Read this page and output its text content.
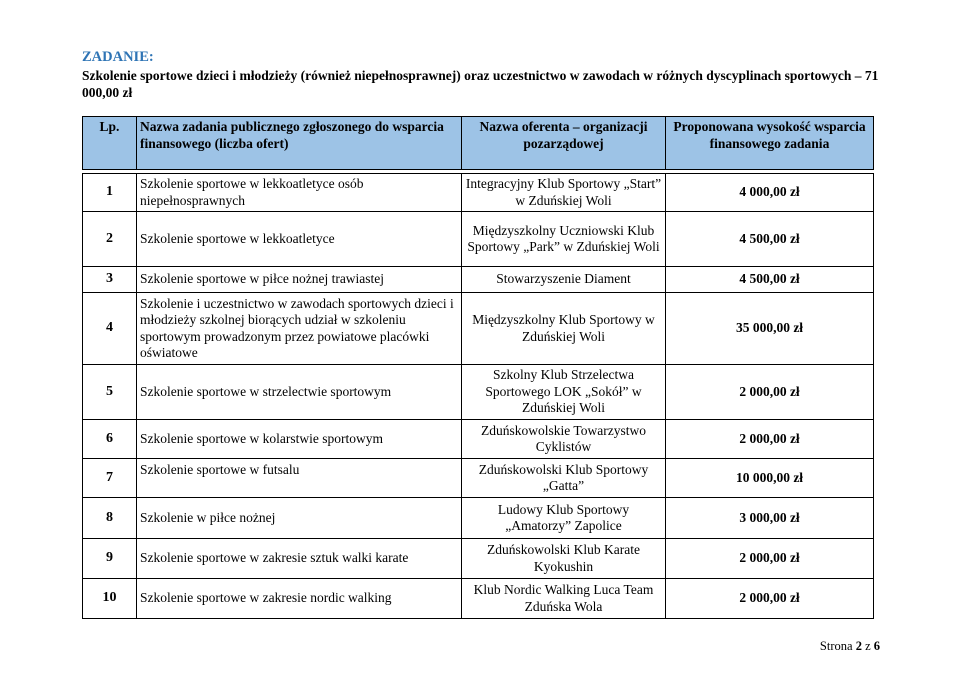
ZADANIE:
Szkolenie sportowe dzieci i młodzieży (również niepełnosprawnej) oraz uczestnictwo w zawodach w różnych dyscyplinach sportowych – 71 000,00 zł
Lp.	Nazwa zadania publicznego zgłoszonego do wsparcia finansowego (liczba ofert)	Nazwa oferenta – organizacji pozarządowej	Proponowana wysokość wsparcia finansowego zadania

1	Szkolenie sportowe w lekkoatletyce osób niepełnosprawnych	Integracyjny Klub Sportowy „Start” w Zduńskiej Woli	4 000,00 zł
2	Szkolenie sportowe w lekkoatletyce	Międzyszkolny Uczniowski Klub Sportowy „Park” w Zduńskiej Woli	4 500,00 zł
3	Szkolenie sportowe w piłce nożnej trawiastej	Stowarzyszenie Diament	4 500,00 zł
4	Szkolenie i uczestnictwo w zawodach sportowych dzieci i młodzieży szkolnej biorących udział w szkoleniu sportowym prowadzonym przez powiatowe placówki oświatowe	Międzyszkolny Klub Sportowy w Zduńskiej Woli	35 000,00 zł
5	Szkolenie sportowe w strzelectwie sportowym	Szkolny Klub Strzelectwa Sportowego LOK „Sokół” w Zduńskiej Woli	2 000,00 zł
6	Szkolenie sportowe w kolarstwie sportowym	Zduńskowolskie Towarzystwo Cyklistów	2 000,00 zł
7	Szkolenie sportowe w futsalu	Zduńskowolski Klub Sportowy „Gatta”	10 000,00 zł
8	Szkolenie w piłce nożnej	Ludowy Klub Sportowy „Amatorzy” Zapolice	3 000,00 zł
9	Szkolenie sportowe w zakresie sztuk walki karate	Zduńskowolski Klub Karate Kyokushin	2 000,00 zł
10	Szkolenie sportowe w zakresie nordic walking	Klub Nordic Walking Luca Team Zduńska Wola	2 000,00 zł
Strona 2 z 6
